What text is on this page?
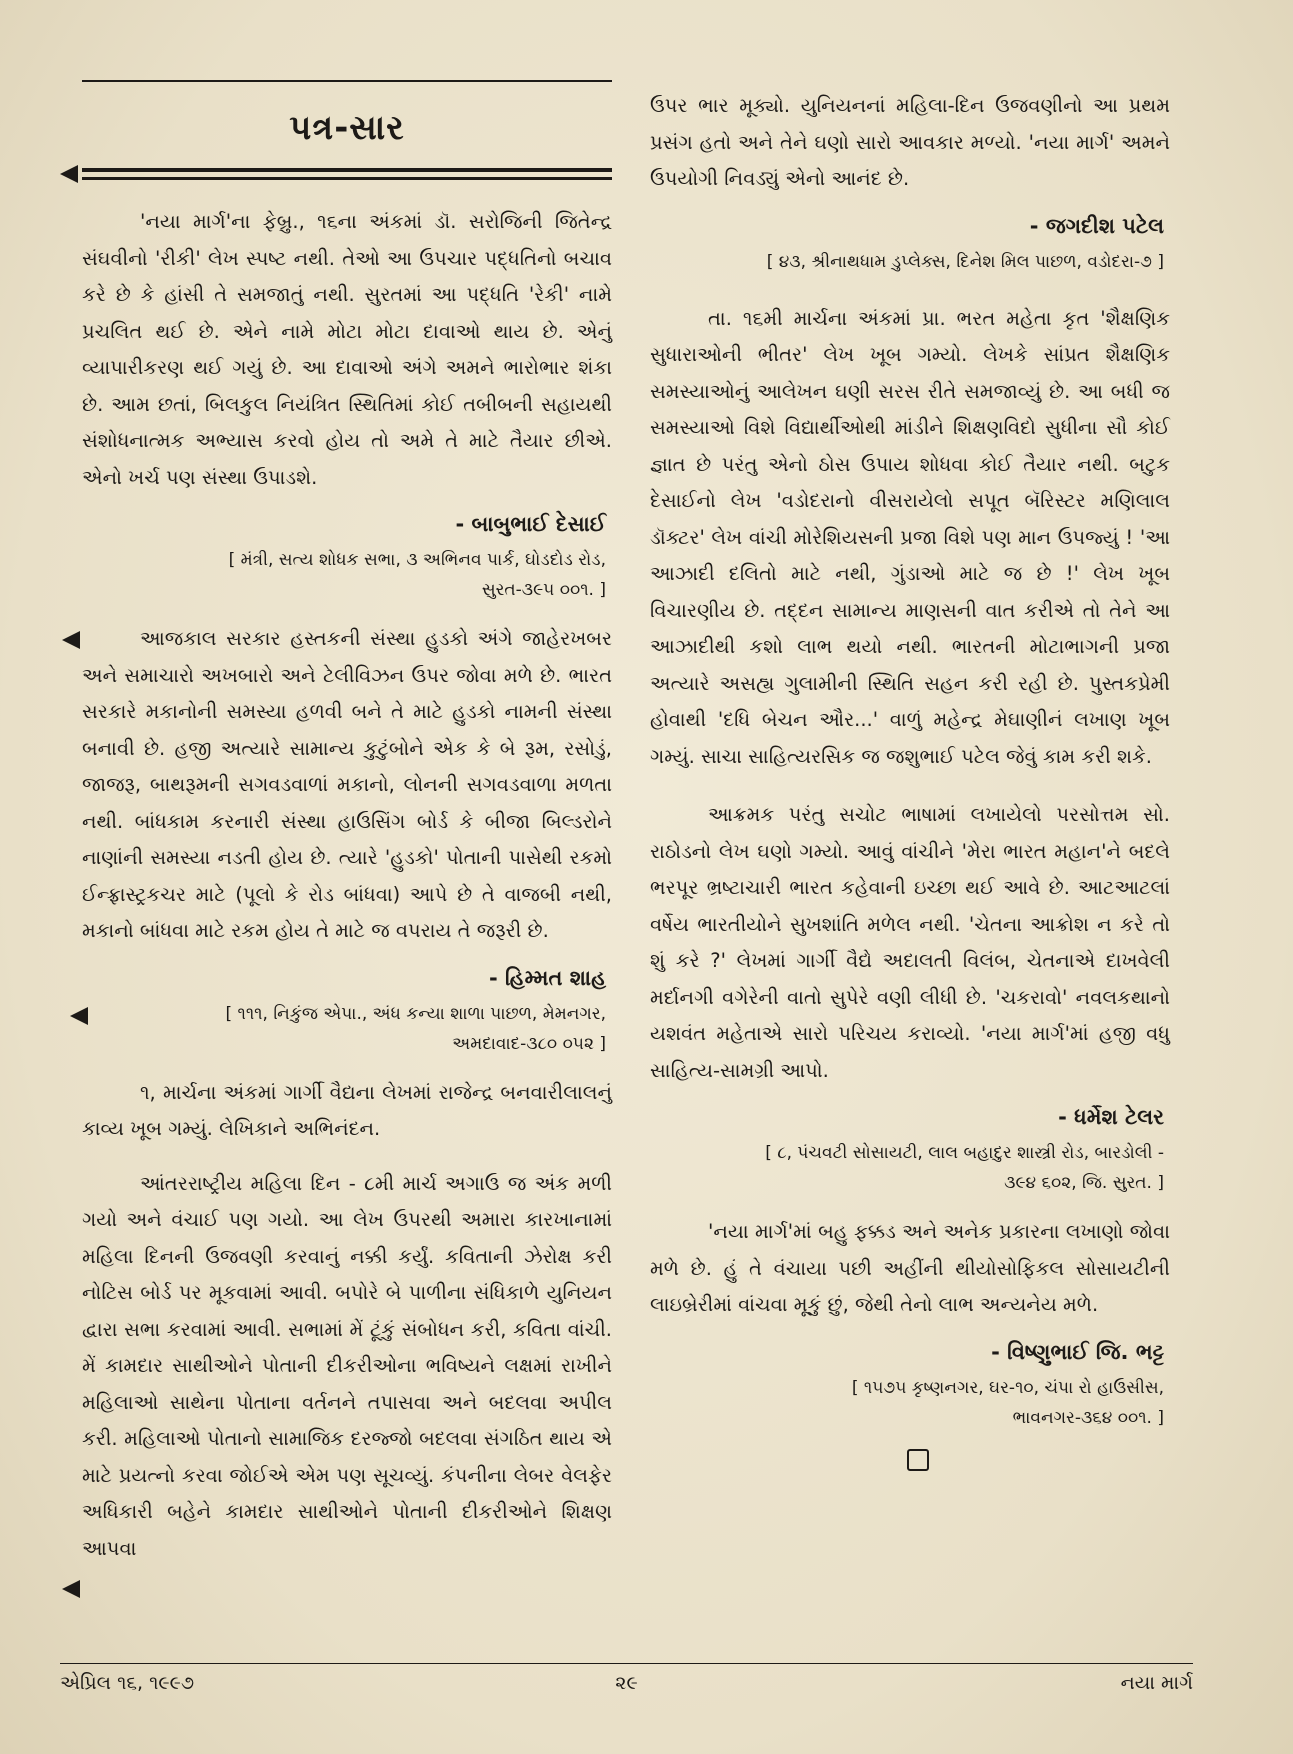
પત્ર-સાર

'નયા માર્ગ'ના ફેબ્રુ., ૧૬ના અંકમાં ડૉ. સરોજિની જિતેન્દ્ર સંઘવીનો 'રીકી' લેખ સ્પષ્ટ નથી. તેઓ આ ઉપચાર પદ્ધતિનો બચાવ કરે છે કે હાંસી તે સમજાતું નથી. સુરતમાં આ પદ્ધતિ 'રેકી' નામે પ્રચલિત થઈ છે. એને નામે મોટા મોટા દાવાઓ થાય છે. એનું વ્યાપારીકરણ થઈ ગયું છે. આ દાવાઓ અંગે અમને ભારોભાર શંકા છે. આમ છતાં, બિલકુલ નિયંત્રિત સ્થિતિમાં કોઈ તબીબની સહાયથી સંશોધનાત્મક અભ્યાસ કરવો હોય તો અમે તે માટે તૈયાર છીએ. એનો ખર્ચ પણ સંસ્થા ઉપાડશે.

- બાબુભાઈ દેસાઈ
[ મંત્રી, સત્ય શોધક સભા, ૩ અભિનવ પાર્ક, ઘોડદોડ રોડ,
સુરત-૩૯૫ ૦૦૧. ]

આજકાલ સરકાર હસ્તકની સંસ્થા હુડકો અંગે જાહેરખબર અને સમાચારો અખબારો અને ટેલીવિઝન ઉપર જોવા મળે છે. ભારત સરકારે મકાનોની સમસ્યા હળવી બને તે માટે હુડકો નામની સંસ્થા બનાવી છે. હજી અત્યારે સામાન્ય કુટુંબોને એક કે બે રૂમ, રસોડું, જાજરૂ, બાથરૂમની સગવડવાળાં મકાનો, લોનની સગવડવાળા મળતા નથી. બાંધકામ કરનારી સંસ્થા હાઉસિંગ બોર્ડ કે બીજા બિલ્ડરોને નાણાંની સમસ્યા નડતી હોય છે. ત્યારે 'હુડકો' પોતાની પાસેથી રકમો ઈન્ફ્રાસ્ટ્રકચર માટે (પૂલો કે રોડ બાંધવા) આપે છે તે વાજબી નથી, મકાનો બાંધવા માટે રકમ હોય તે માટે જ વપરાય તે જરૂરી છે.

- હિમ્મત શાહ
[ ૧૧૧, નિકુંજ એપા., અંધ કન્યા શાળા પાછળ, મેમનગર,
અમદાવાદ-૩૮૦ ૦૫૨ ]

૧, માર્ચના અંકમાં ગાર્ગી વૈદ્યના લેખમાં રાજેન્દ્ર બનવારીલાલનું કાવ્ય ખૂબ ગમ્યું. લેખિકાને અભિનંદન.

આંતરરાષ્ટ્રીય મહિલા દિન - ૮મી માર્ચ અગાઉ જ અંક મળી ગયો અને વંચાઈ પણ ગયો. આ લેખ ઉપરથી અમારા કારખાનામાં મહિલા દિનની ઉજવણી કરવાનું નક્કી કર્યું. કવિતાની ઝેરોક્ષ કરી નોટિસ બોર્ડ પર મૂકવામાં આવી. બપોરે બે પાળીના સંધિકાળે યુનિયન દ્વારા સભા કરવામાં આવી. સભામાં મેં ટૂંકું સંબોધન કરી, કવિતા વાંચી. મેં કામદાર સાથીઓને પોતાની દીકરીઓના ભવિષ્યને લક્ષમાં રાખીને મહિલાઓ સાથેના પોતાના વર્તનને તપાસવા અને બદલવા અપીલ કરી. મહિલાઓ પોતાનો સામાજિક દરજ્જો બદલવા સંગઠિત થાય એ માટે પ્રયત્નો કરવા જોઈએ એમ પણ સૂચવ્યું. કંપનીના લેબર વેલફેર અધિકારી બહેને કામદાર સાથીઓને પોતાની દીકરીઓને શિક્ષણ આપવા

ઉપર ભાર મૂક્યો. યુનિયનનાં મહિલા-દિન ઉજવણીનો આ પ્રથમ પ્રસંગ હતો અને તેને ઘણો સારો આવકાર મળ્યો. 'નયા માર્ગ' અમને ઉપયોગી નિવડ્યું એનો આનંદ છે.

- જગદીશ પટેલ
[ ૪૩, શ્રીનાથધામ ડુપ્લેક્સ, દિનેશ મિલ પાછળ, વડોદરા-૭ ]

તા. ૧૬મી માર્ચના અંકમાં પ્રા. ભરત મહેતા કૃત 'શૈક્ષણિક સુધારાઓની ભીતર' લેખ ખૂબ ગમ્યો. લેખકે સાંપ્રત શૈક્ષણિક સમસ્યાઓનું આલેખન ઘણી સરસ રીતે સમજાવ્યું છે. આ બધી જ સમસ્યાઓ વિશે વિદ્યાર્થીઓથી માંડીને શિક્ષણવિદો સુધીના સૌ કોઈ જ્ઞાત છે પરંતુ એનો ઠોસ ઉપાય શોધવા કોઈ તૈયાર નથી. બટુક દેસાઈનો લેખ 'વડોદરાનો વીસરાયેલો સપૂત બૅરિસ્ટર મણિલાલ ડૉક્ટર' લેખ વાંચી મોરેશિયસની પ્રજા વિશે પણ માન ઉપજ્યું ! 'આ આઝાદી દલિતો માટે નથી, ગુંડાઓ માટે જ છે !' લેખ ખૂબ વિચારણીય છે. તદ્દન સામાન્ય માણસની વાત કરીએ તો તેને આ આઝાદીથી કશો લાભ થયો નથી. ભારતની મોટાભાગની પ્રજા અત્યારે અસહ્ય ગુલામીની સ્થિતિ સહન કરી રહી છે. પુસ્તકપ્રેમી હોવાથી 'દધિ બેચન ઔર...' વાળું મહેન્દ્ર મેઘાણીનં લખાણ ખૂબ ગમ્યું. સાચા સાહિત્યરસિક જ જશુભાઈ પટેલ જેવું કામ કરી શકે.

આક્રમક પરંતુ સચોટ ભાષામાં લખાયેલો પરસોત્તમ સો. રાઠોડનો લેખ ઘણો ગમ્યો. આવું વાંચીને 'મેરા ભારત મહાન'ને બદલે ભરપૂર ભ્રષ્ટાચારી ભારત કહેવાની ઇચ્છા થઈ આવે છે. આટઆટલાં વર્ષેય ભારતીયોને સુખશાંતિ મળેલ નથી. 'ચેતના આક્રોશ ન કરે તો શું કરે ?' લેખમાં ગાર્ગી વૈદ્યે અદાલતી વિલંબ, ચેતનાએ દાખવેલી મર્દાનગી વગેરેની વાતો સુપેરે વણી લીધી છે. 'ચકરાવો' નવલકથાનો યશવંત મહેતાએ સારો પરિચય કરાવ્યો. 'નયા માર્ગ'માં હજી વધુ સાહિત્ય-સામગ્રી આપો.

- ધર્મેશ ટેલર
[ ૮, પંચવટી સોસાયટી, લાલ બહાદુર શાસ્ત્રી રોડ, બારડોલી -
૩૯૪ ૬૦૨, જિ. સુરત. ]

'નયા માર્ગ'માં બહુ ફક્કડ અને અનેક પ્રકારના લખાણો જોવા મળે છે. હું તે વંચાયા પછી અહીંની થીયોસોફિકલ સોસાયટીની લાઇબ્રેરીમાં વાંચવા મૂકું છું, જેથી તેનો લાભ અન્યનેય મળે.

- વિષ્ણુભાઈ જિ. ભટ્ટ
[ ૧૫૭૫ કૃષ્ણનગર, ઘર-૧૦, ચંપા રો હાઉસીસ,
ભાવનગર-૩૬૪ ૦૦૧. ]
એપ્રિલ ૧૬, ૧૯૯૭	૨૯	નયા માર્ગ
